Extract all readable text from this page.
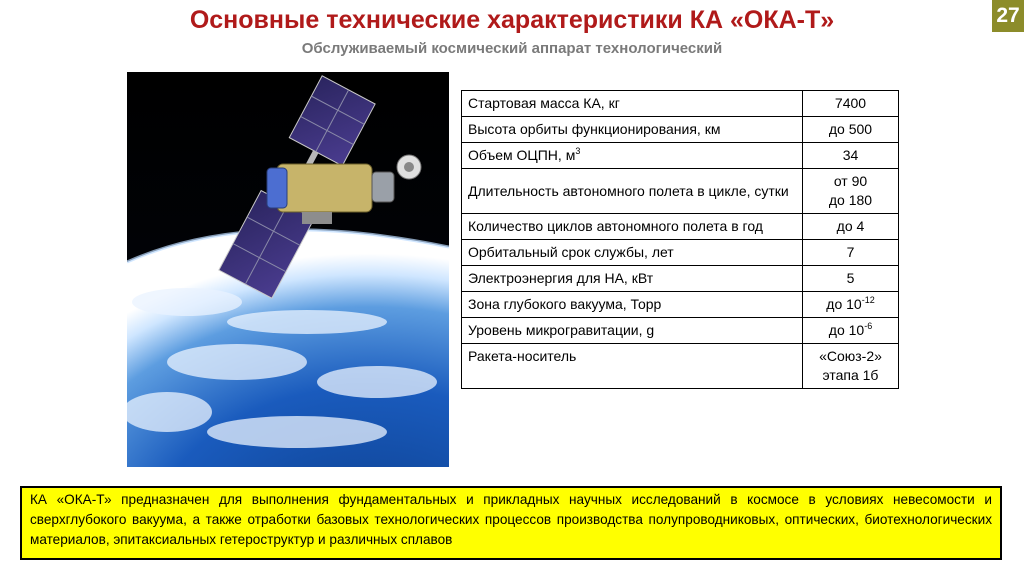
Основные технические характеристики КА «ОКА-Т»
Обслуживаемый космический аппарат технологический
27
Стартовая масса КА, кг	7400
Высота орбиты функционирования, км	до 500
Объем ОЦПН, $м^3$	34
Длительность автономного полета в цикле, сутки	от 90
до 180

Количество циклов автономного полета в год	до 4
Орбитальный срок службы, лет	7
Электроэнергия для НА, кВт	5
Зона глубокого вакуума, Торр	до $10^{-12}$
Уровень микрогравитации, g	до $10^{-6}$
Ракета-носитель	«Союз-2»
этапа 1б
КА «ОКА-Т» предназначен для выполнения фундаментальных и прикладных научных исследований в космосе в условиях невесомости и сверхглубокого вакуума, а также отработки базовых технологических процессов производства полупроводниковых, оптических, биотехнологических материалов, эпитаксиальных гетероструктур и различных сплавов
